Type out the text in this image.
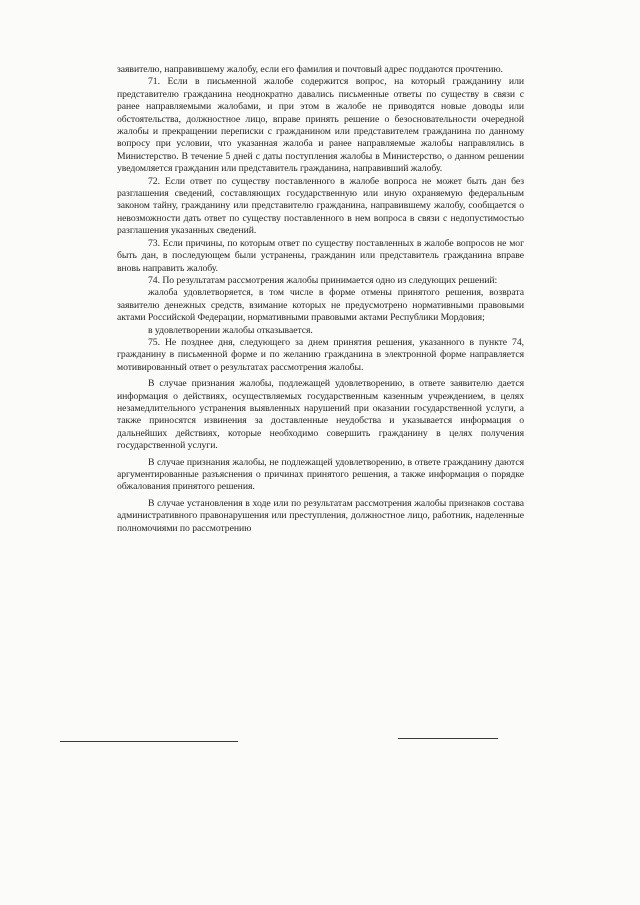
заявителю, направившему жалобу, если его фамилия и почтовый адрес поддаются прочтению.

71. Если в письменной жалобе содержится вопрос, на который гражданину или представителю гражданина неоднократно давались письменные ответы по существу в связи с ранее направляемыми жалобами, и при этом в жалобе не приводятся новые доводы или обстоятельства, должностное лицо, вправе принять решение о безосновательности очередной жалобы и прекращении переписки с гражданином или представителем гражданина по данному вопросу при условии, что указанная жалоба и ранее направляемые жалобы направлялись в Министерство. В течение 5 дней с даты поступления жалобы в Министерство, о данном решении уведомляется гражданин или представитель гражданина, направивший жалобу.

72. Если ответ по существу поставленного в жалобе вопроса не может быть дан без разглашения сведений, составляющих государственную или иную охраняемую федеральным законом тайну, гражданину или представителю гражданина, направившему жалобу, сообщается о невозможности дать ответ по существу поставленного в нем вопроса в связи с недопустимостью разглашения указанных сведений.

73. Если причины, по которым ответ по существу поставленных в жалобе вопросов не мог быть дан, в последующем были устранены, гражданин или представитель гражданина вправе вновь направить жалобу.

74. По результатам рассмотрения жалобы принимается одно из следующих решений:

жалоба удовлетворяется, в том числе в форме отмены принятого решения, возврата заявителю денежных средств, взимание которых не предусмотрено нормативными правовыми актами Российской Федерации, нормативными правовыми актами Республики Мордовия;

в удовлетворении жалобы отказывается.

75. Не позднее дня, следующего за днем принятия решения, указанного в пункте 74, гражданину в письменной форме и по желанию гражданина в электронной форме направляется мотивированный ответ о результатах рассмотрения жалобы.

В случае признания жалобы, подлежащей удовлетворению, в ответе заявителю дается информация о действиях, осуществляемых государственным казенным учреждением, в целях незамедлительного устранения выявленных нарушений при оказании государственной услуги, а также приносятся извинения за доставленные неудобства и указывается информация о дальнейших действиях, которые необходимо совершить гражданину в целях получения государственной услуги.

В случае признания жалобы, не подлежащей удовлетворению, в ответе гражданину даются аргументированные разъяснения о причинах принятого решения, а также информация о порядке обжалования принятого решения.

В случае установления в ходе или по результатам рассмотрения жалобы признаков состава административного правонарушения или преступления, должностное лицо, работник, наделенные полномочиями по рассмотрению
